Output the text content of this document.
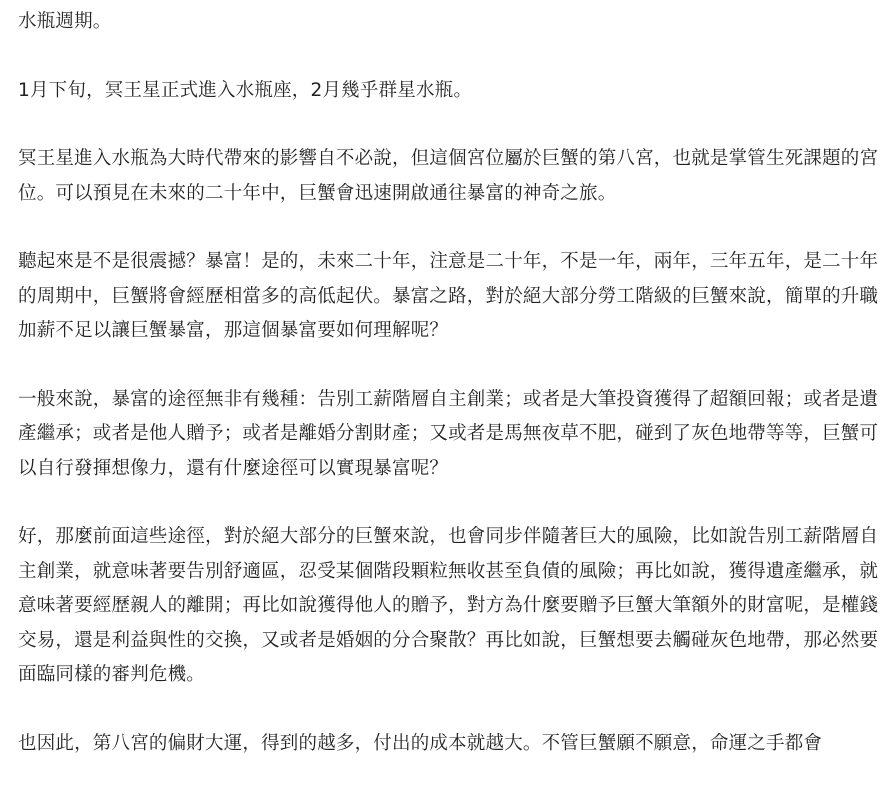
水瓶週期。

1月下旬，冥王星正式進入水瓶座，2月幾乎群星水瓶。

冥王星進入水瓶為大時代帶來的影響自不必說，但這個宮位屬於巨蟹的第八宮，也就是掌管生死課題的宮位。可以預見在未來的二十年中，巨蟹會迅速開啟通往暴富的神奇之旅。

聽起來是不是很震撼？暴富！是的，未來二十年，注意是二十年，不是一年，兩年，三年五年，是二十年的周期中，巨蟹將會經歷相當多的高低起伏。暴富之路，對於絕大部分勞工階級的巨蟹來說，簡單的升職加薪不足以讓巨蟹暴富，那這個暴富要如何理解呢？

一般來說，暴富的途徑無非有幾種：告別工薪階層自主創業；或者是大筆投資獲得了超額回報；或者是遺產繼承；或者是他人贈予；或者是離婚分割財產；又或者是馬無夜草不肥，碰到了灰色地帶等等，巨蟹可以自行發揮想像力，還有什麼途徑可以實現暴富呢？

好，那麼前面這些途徑，對於絕大部分的巨蟹來說，也會同步伴隨著巨大的風險，比如說告別工薪階層自主創業，就意味著要告別舒適區，忍受某個階段顆粒無收甚至負債的風險；再比如說，獲得遺產繼承，就意味著要經歷親人的離開；再比如說獲得他人的贈予，對方為什麼要贈予巨蟹大筆額外的財富呢，是權錢交易，還是利益與性的交換，又或者是婚姻的分合聚散？再比如說，巨蟹想要去觸碰灰色地帶，那必然要面臨同樣的審判危機。

也因此，第八宮的偏財大運，得到的越多，付出的成本就越大。不管巨蟹願不願意，命運之手都會
